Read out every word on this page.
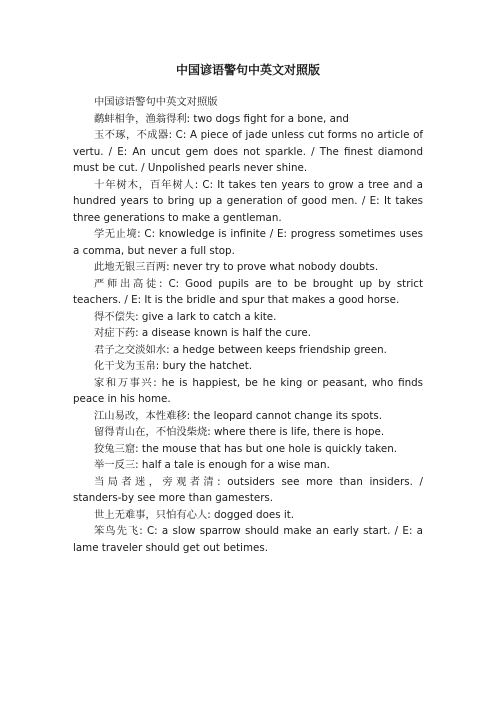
中国谚语警句中英文对照版

中国谚语警句中英文对照版

鹬蚌相争，渔翁得利: two dogs fight for a bone, and

玉不琢，不成器: C: A piece of jade unless cut forms no article of vertu. / E: An uncut gem does not sparkle. / The finest diamond must be cut. / Unpolished pearls never shine.

十年树木，百年树人: C: It takes ten years to grow a tree and a hundred years to bring up a generation of good men. / E: It takes three generations to make a gentleman.

学无止境: C: knowledge is infinite / E: progress sometimes uses a comma, but never a full stop.

此地无银三百两: never try to prove what nobody doubts.

严师出高徒: C: Good pupils are to be brought up by strict teachers. / E: It is the bridle and spur that makes a good horse.

得不偿失: give a lark to catch a kite.

对症下药: a disease known is half the cure.

君子之交淡如水: a hedge between keeps friendship green.

化干戈为玉帛: bury the hatchet.

家和万事兴: he is happiest, be he king or peasant, who finds peace in his home.

江山易改，本性难移: the leopard cannot change its spots.

留得青山在，不怕没柴烧: where there is life, there is hope.

狡兔三窟: the mouse that has but one hole is quickly taken.

举一反三: half a tale is enough for a wise man.

当局者迷，旁观者清: outsiders see more than insiders. / standers-by see more than gamesters.

世上无难事，只怕有心人: dogged does it.

笨鸟先飞: C: a slow sparrow should make an early start. / E: a lame traveler should get out betimes.
